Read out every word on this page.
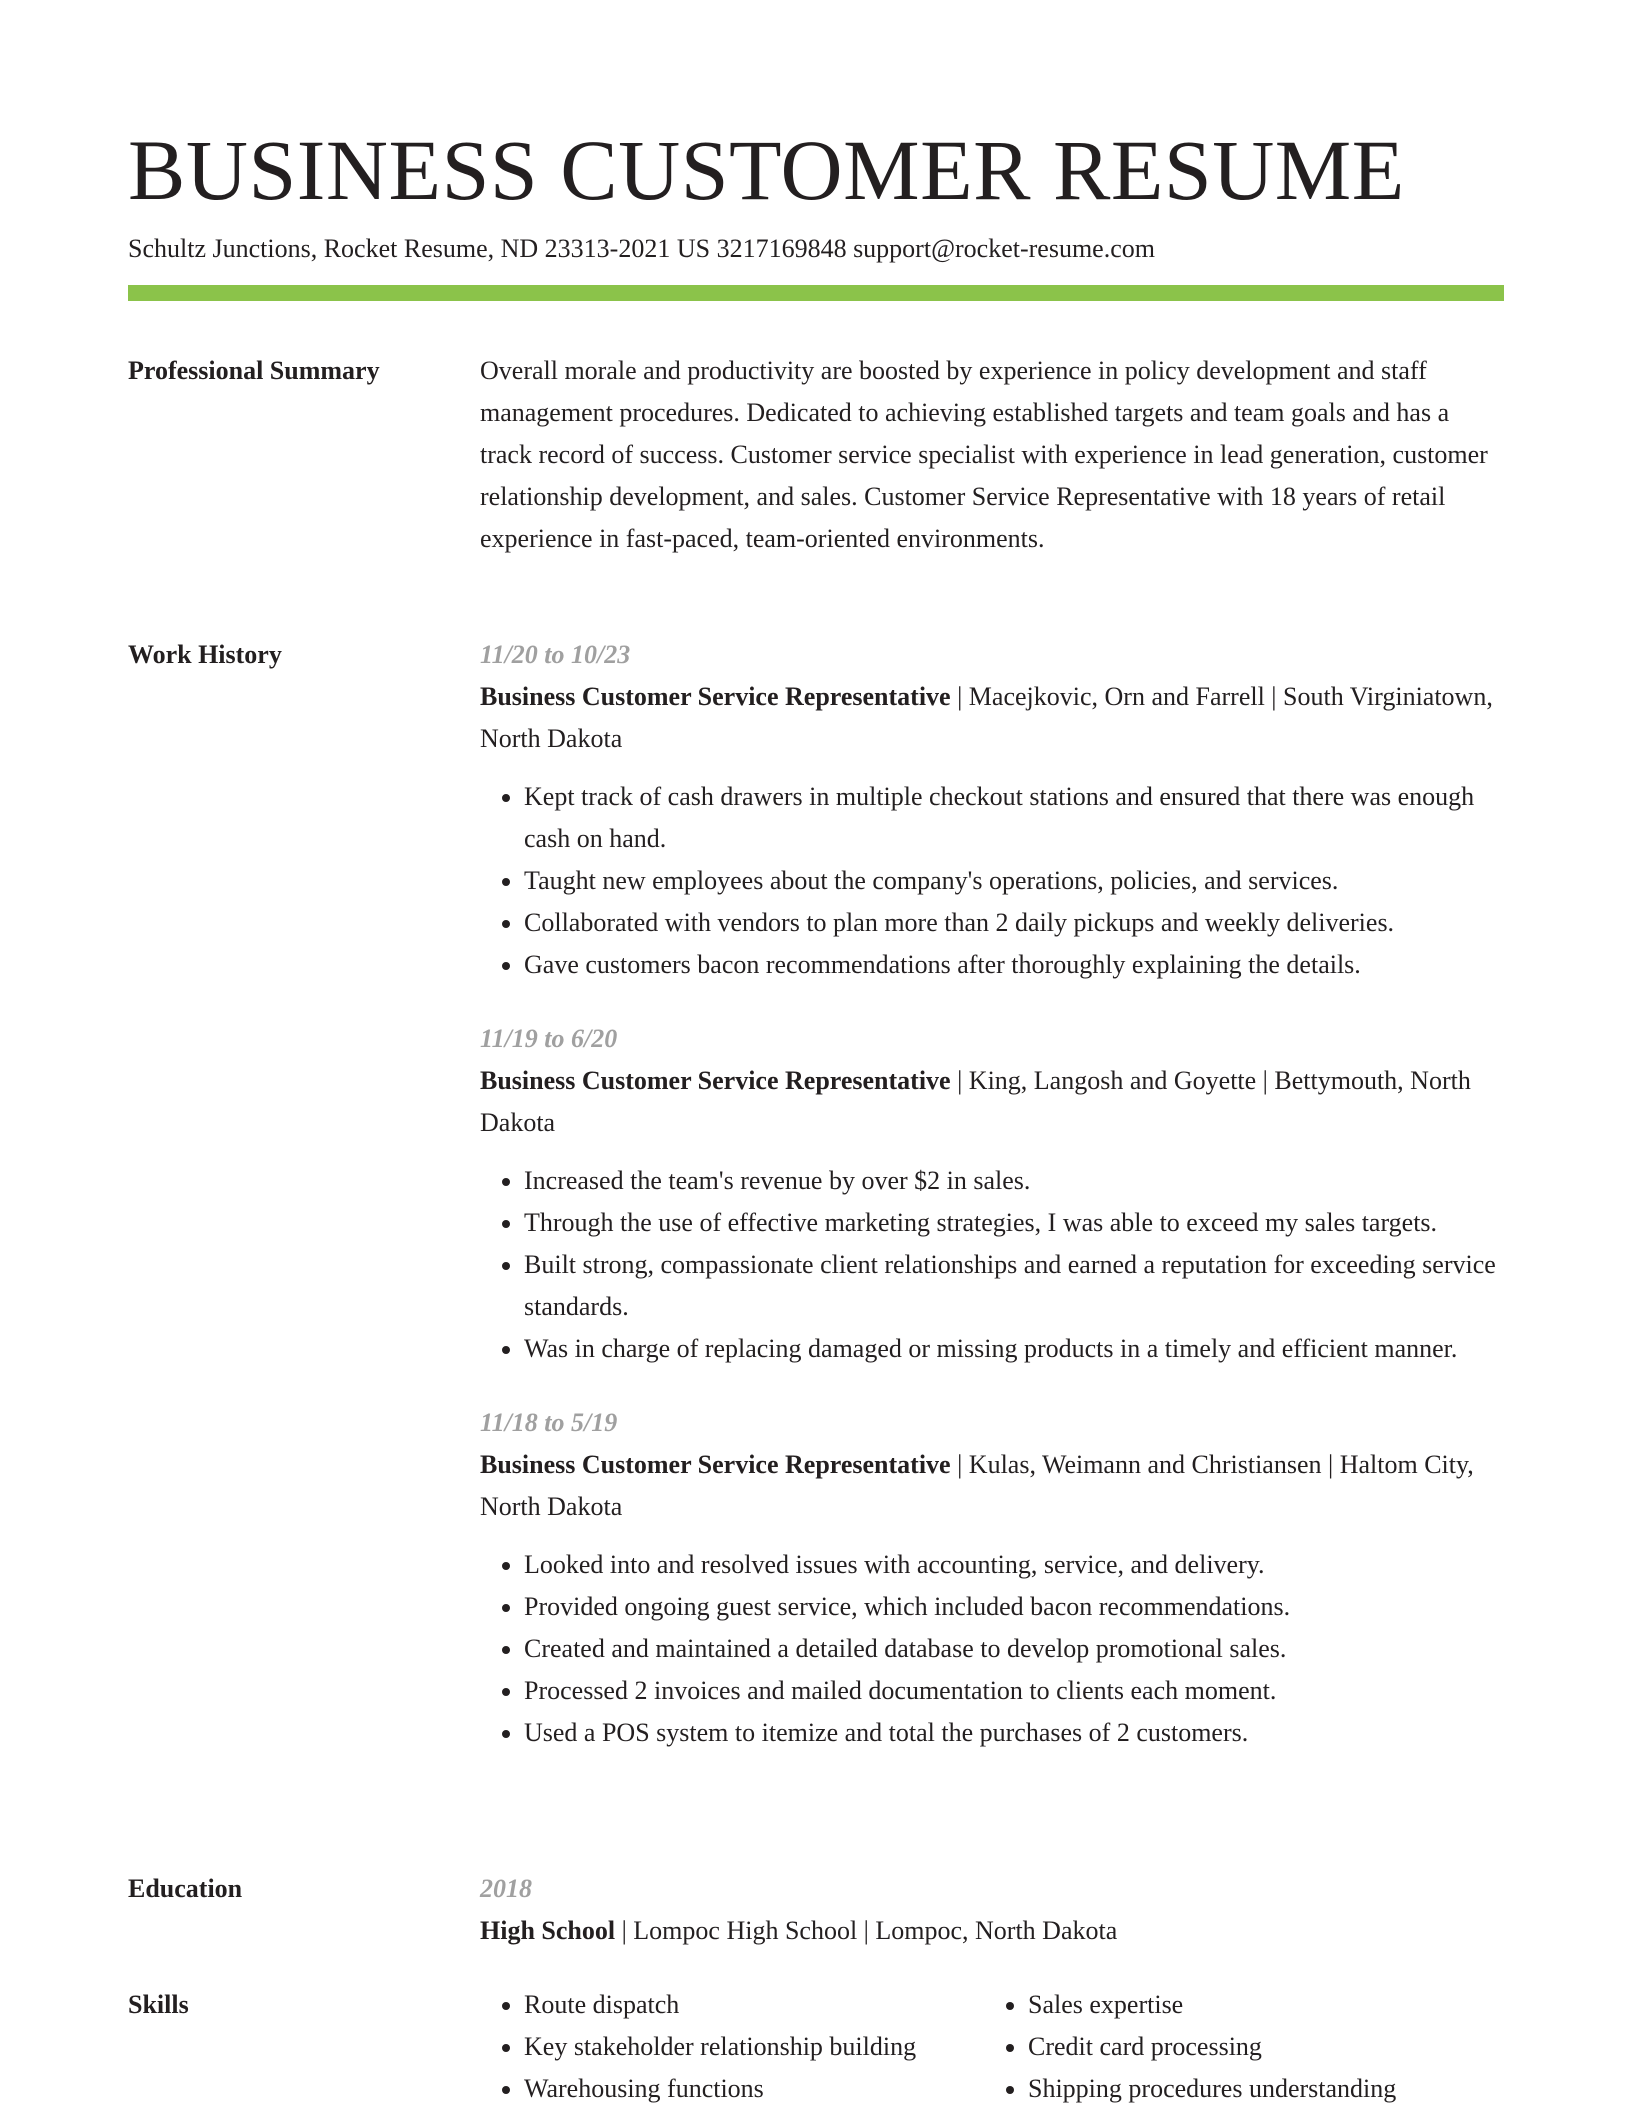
BUSINESS CUSTOMER RESUME
Schultz Junctions, Rocket Resume, ND 23313-2021 US 3217169848 support@rocket-resume.com
Professional Summary	Overall morale and productivity are boosted by experience in policy development and staff management procedures. Dedicated to achieving established targets and team goals and has a track record of success. Customer service specialist with experience in lead generation, customer relationship development, and sales. Customer Service Representative with 18 years of retail experience in fast-paced, team-oriented environments.

Work History	11/20 to 10/23

Business Customer Service Representative | Macejkovic, Orn and Farrell | South Virginiatown, North Dakota

• Kept track of cash drawers in multiple checkout stations and ensured that there was enough cash on hand.
• Taught new employees about the company's operations, policies, and services.
• Collaborated with vendors to plan more than 2 daily pickups and weekly deliveries.
• Gave customers bacon recommendations after thoroughly explaining the details.

11/19 to 6/20

Business Customer Service Representative | King, Langosh and Goyette | Bettymouth, North Dakota

• Increased the team's revenue by over $2 in sales.
• Through the use of effective marketing strategies, I was able to exceed my sales targets.
• Built strong, compassionate client relationships and earned a reputation for exceeding service standards.
• Was in charge of replacing damaged or missing products in a timely and efficient manner.

11/18 to 5/19

Business Customer Service Representative | Kulas, Weimann and Christiansen | Haltom City, North Dakota

• Looked into and resolved issues with accounting, service, and delivery.
• Provided ongoing guest service, which included bacon recommendations.
• Created and maintained a detailed database to develop promotional sales.
• Processed 2 invoices and mailed documentation to clients each moment.
• Used a POS system to itemize and total the purchases of 2 customers.
Education	2018

High School | Lompoc High School | Lompoc, North Dakota

Skills
•	Route dispatch
• Key stakeholder relationship building
• Warehousing functions
• Sales expertise
• Credit card processing
• Shipping procedures understanding
